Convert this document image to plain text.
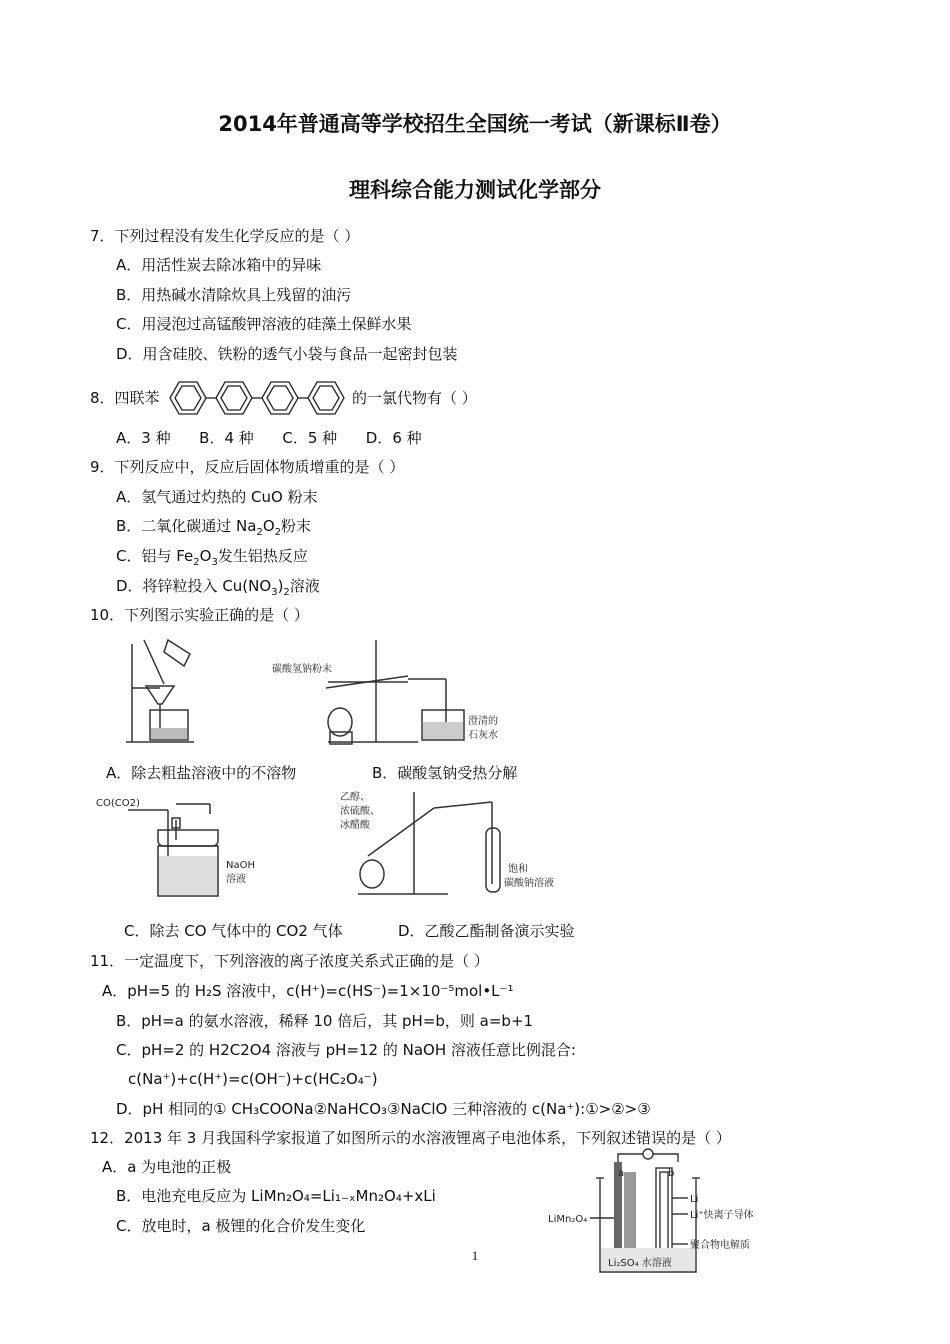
2014年普通高等学校招生全国统一考试（新课标Ⅱ卷）
理科综合能力测试化学部分
7．下列过程没有发生化学反应的是（ ）
A．用活性炭去除冰箱中的异味
B．用热碱水清除炊具上残留的油污
C．用浸泡过高锰酸钾溶液的硅藻土保鲜水果
D．用含硅胶、铁粉的透气小袋与食品一起密封包装
8．四联苯	的一氯代物有（ ）
A．3 种      B．4 种      C．5 种      D．6 种
9．下列反应中，反应后固体物质增重的是（ ）
A．氢气通过灼热的 CuO 粉末
B．二氧化碳通过 $Na_2O_2$粉末
C．铝与 $Fe_2O_3$发生铝热反应
D．将锌粒投入 $Cu(NO_3)_2$溶液
10．下列图示实验正确的是（ ）
碳酸氢钠粉末
澄清的
石灰水
A．除去粗盐溶液中的不溶物	B．碳酸氢钠受热分解
CO(CO2)
NaOH
溶液
乙醇、
浓硫酸、
冰醋酸
饱和
碳酸钠溶液
C．除去 CO 气体中的 CO2 气体	D．乙酸乙酯制备演示实验
11．一定温度下，下列溶液的离子浓度关系式正确的是（ ）
A．pH=5 的 H₂S 溶液中，c(H⁺)=c(HS⁻)=1×10⁻⁵mol•L⁻¹
B．pH=a 的氨水溶液，稀释 10 倍后，其 pH=b，则 a=b+1
C．pH=2 的 H2C2O4 溶液与 pH=12 的 NaOH 溶液任意比例混合:
c(Na⁺)+c(H⁺)=c(OH⁻)+c(HC₂O₄⁻)
D．pH 相同的① CH₃COONa②NaHCO₃③NaClO 三种溶液的 c(Na⁺):①>②>③
12．2013 年 3 月我国科学家报道了如图所示的水溶液锂离子电池体系，下列叙述错误的是（ ）
A．a 为电池的正极
B．电池充电反应为 LiMn₂O₄=Li₁₋ₓMn₂O₄+xLi
C．放电时，a 极锂的化合价发生变化
a	b
LiMn₂O₄
Li
Li⁺快离子导体
聚合物电解质
Li₂SO₄ 水溶液
1
